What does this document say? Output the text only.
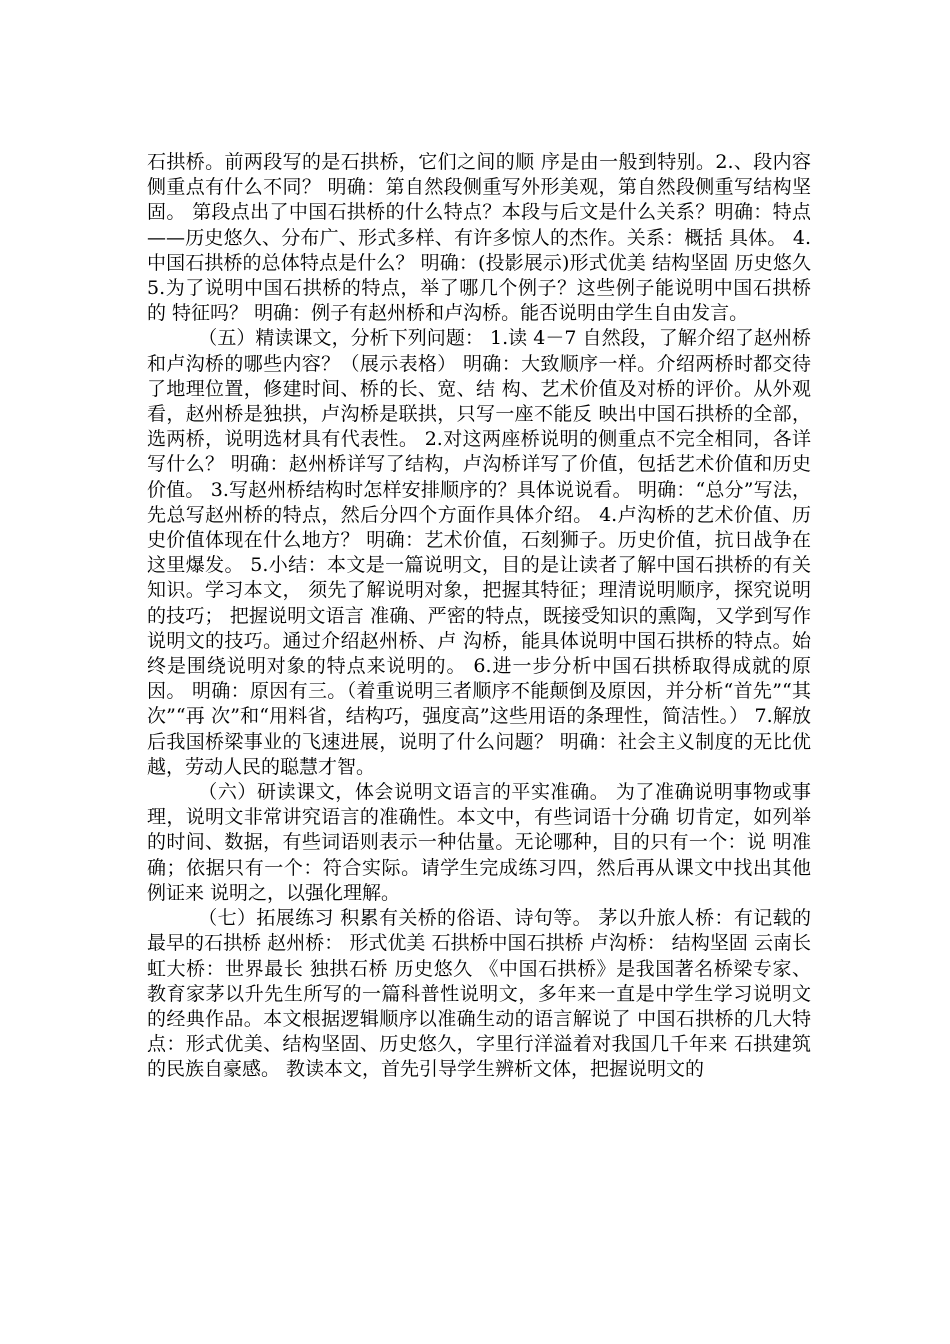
石拱桥。前两段写的是石拱桥，它们之间的顺 序是由一般到特别。2.、段内容侧重点有什么不同？ 明确：第自然段侧重写外形美观，第自然段侧重写结构坚固。 第段点出了中国石拱桥的什么特点？本段与后文是什么关系？明确：特点——历史悠久、分布广、形式多样、有许多惊人的杰作。关系：概括 具体。 4.中国石拱桥的总体特点是什么？ 明确：(投影展示)形式优美 结构坚固 历史悠久 5.为了说明中国石拱桥的特点，举了哪几个例子？这些例子能说明中国石拱桥的 特征吗？ 明确：例子有赵州桥和卢沟桥。能否说明由学生自由发言。

（五）精读课文，分析下列问题： 1.读 4－7 自然段，了解介绍了赵州桥和卢沟桥的哪些内容？（展示表格） 明确：大致顺序一样。介绍两桥时都交待了地理位置，修建时间、桥的长、宽、结 构、艺术价值及对桥的评价。从外观看，赵州桥是独拱，卢沟桥是联拱，只写一座不能反 映出中国石拱桥的全部，选两桥，说明选材具有代表性。 2.对这两座桥说明的侧重点不完全相同，各详写什么？ 明确：赵州桥详写了结构，卢沟桥详写了价值，包括艺术价值和历史价值。 3.写赵州桥结构时怎样安排顺序的？具体说说看。 明确：“总分”写法，先总写赵州桥的特点，然后分四个方面作具体介绍。 4.卢沟桥的艺术价值、历史价值体现在什么地方？ 明确：艺术价值，石刻狮子。历史价值，抗日战争在这里爆发。 5.小结：本文是一篇说明文，目的是让读者了解中国石拱桥的有关知识。学习本文， 须先了解说明对象，把握其特征；理清说明顺序，探究说明的技巧； 把握说明文语言 准确、严密的特点，既接受知识的熏陶，又学到写作说明文的技巧。通过介绍赵州桥、卢 沟桥，能具体说明中国石拱桥的特点。始终是围绕说明对象的特点来说明的。 6.进一步分析中国石拱桥取得成就的原因。 明确：原因有三。（着重说明三者顺序不能颠倒及原因，并分析“首先”“其次”“再 次”和“用料省，结构巧，强度高”这些用语的条理性，简洁性。） 7.解放后我国桥梁事业的飞速进展，说明了什么问题？ 明确：社会主义制度的无比优越，劳动人民的聪慧才智。

（六）研读课文，体会说明文语言的平实准确。 为了准确说明事物或事理，说明文非常讲究语言的准确性。本文中，有些词语十分确 切肯定，如列举的时间、数据，有些词语则表示一种估量。无论哪种，目的只有一个：说 明准确；依据只有一个：符合实际。请学生完成练习四，然后再从课文中找出其他例证来 说明之，以强化理解。

（七）拓展练习 积累有关桥的俗语、诗句等。 茅以升旅人桥：有记载的最早的石拱桥 赵州桥： 形式优美 石拱桥中国石拱桥 卢沟桥： 结构坚固 云南长虹大桥：世界最长 独拱石桥 历史悠久 《中国石拱桥》是我国著名桥梁专家、教育家茅以升先生所写的一篇科普性说明文，多年来一直是中学生学习说明文的经典作品。本文根据逻辑顺序以准确生动的语言解说了 中国石拱桥的几大特点：形式优美、结构坚固、历史悠久，字里行洋溢着对我国几千年来 石拱建筑的民族自豪感。 教读本文，首先引导学生辨析文体，把握说明文的
